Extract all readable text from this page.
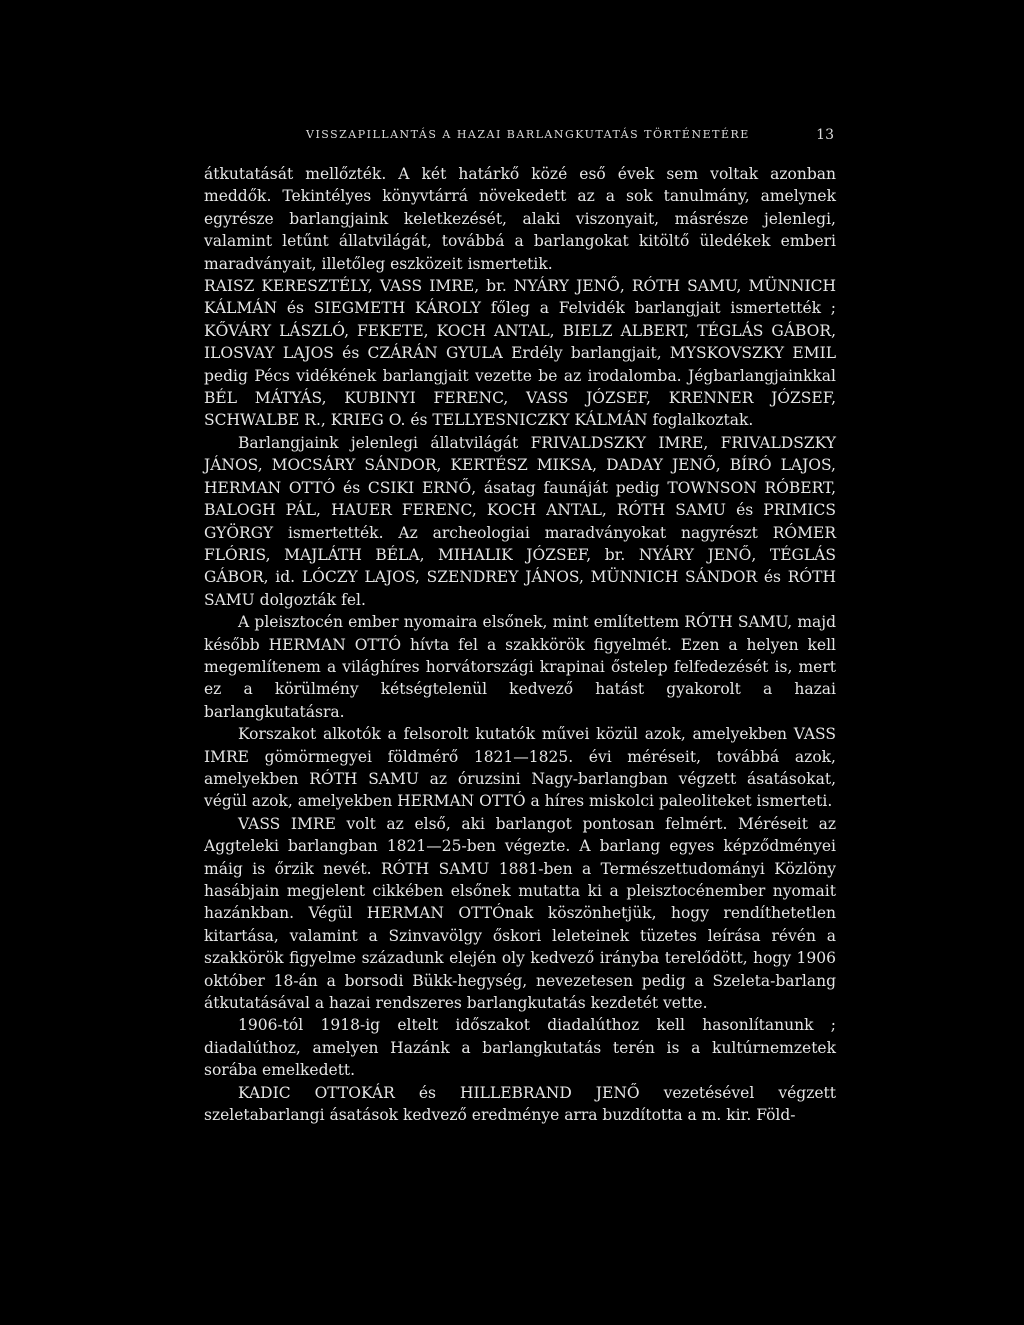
VISSZAPILLANTÁS A HAZAI BARLANGKUTATÁS TÖRTÉNETÉRE	13

átkutatását mellőzték. A két határkő közé eső évek sem voltak azonban meddők. Tekintélyes könyvtárrá növekedett az a sok tanulmány, amelynek egyrésze barlangjaink keletkezését, alaki viszonyait, másrésze jelenlegi, valamint letűnt állatvilágát, továbbá a barlangokat kitöltő üledékek emberi maradványait, illetőleg eszközeit ismertetik.

RAISZ KERESZTÉLY, VASS IMRE, br. NYÁRY JENŐ, RÓTH SAMU, MÜNNICH KÁLMÁN és SIEGMETH KÁROLY főleg a Felvidék barlangjait ismertették ; KŐVÁRY LÁSZLÓ, FEKETE, KOCH ANTAL, BIELZ ALBERT, TÉGLÁS GÁBOR, ILOSVAY LAJOS és CZÁRÁN GYULA Erdély barlangjait, MYSKOVSZKY EMIL pedig Pécs vidékének barlangjait vezette be az irodalomba. Jégbarlangjainkkal BÉL MÁTYÁS, KUBINYI FERENC, VASS JÓZSEF, KRENNER JÓZSEF, SCHWALBE R., KRIEG O. és TELLYESNICZKY KÁLMÁN foglalkoztak.

Barlangjaink jelenlegi állatvilágát FRIVALDSZKY IMRE, FRIVALDSZKY JÁNOS, MOCSÁRY SÁNDOR, KERTÉSZ MIKSA, DADAY JENŐ, BÍRÓ LAJOS, HERMAN OTTÓ és CSIKI ERNŐ, ásatag faunáját pedig TOWNSON RÓBERT, BALOGH PÁL, HAUER FERENC, KOCH ANTAL, RÓTH SAMU és PRIMICS GYÖRGY ismertették. Az archeologiai maradványokat nagyrészt RÓMER FLÓRIS, MAJLÁTH BÉLA, MIHALIK JÓZSEF, br. NYÁRY JENŐ, TÉGLÁS GÁBOR, id. LÓCZY LAJOS, SZENDREY JÁNOS, MÜNNICH SÁNDOR és RÓTH SAMU dolgozták fel.

A pleisztocén ember nyomaira elsőnek, mint említettem RÓTH SAMU, majd később HERMAN OTTÓ hívta fel a szakkörök figyelmét. Ezen a helyen kell megemlítenem a világhíres horvátországi krapinai őstelep felfedezését is, mert ez a körülmény kétségtelenül kedvező hatást gyakorolt a hazai barlangkutatásra.

Korszakot alkotók a felsorolt kutatók művei közül azok, amelyekben VASS IMRE gömörmegyei földmérő 1821—1825. évi méréseit, továbbá azok, amelyekben RÓTH SAMU az óruzsini Nagy-barlangban végzett ásatásokat, végül azok, amelyekben HERMAN OTTÓ a híres miskolci paleoliteket ismerteti.

VASS IMRE volt az első, aki barlangot pontosan felmért. Méréseit az Aggteleki barlangban 1821—25-ben végezte. A barlang egyes képződményei máig is őrzik nevét. RÓTH SAMU 1881-ben a Természettudományi Közlöny hasábjain megjelent cikkében elsőnek mutatta ki a pleisztocénember nyomait hazánkban. Végül HERMAN OTTÓnak köszönhetjük, hogy rendíthetetlen kitartása, valamint a Szinvavölgy őskori leleteinek tüzetes leírása révén a szakkörök figyelme századunk elején oly kedvező irányba terelődött, hogy 1906 október 18-án a borsodi Bükk-hegység, nevezetesen pedig a Szeleta-barlang átkutatásával a hazai rendszeres barlangkutatás kezdetét vette.

1906-tól 1918-ig eltelt időszakot diadalúthoz kell hasonlítanunk ; diadalúthoz, amelyen Hazánk a barlangkutatás terén is a kultúrnemzetek sorába emelkedett.

KADIC OTTOKÁR és HILLEBRAND JENŐ vezetésével végzett szeletabarlangi ásatások kedvező eredménye arra buzdította a m. kir. Föld-
